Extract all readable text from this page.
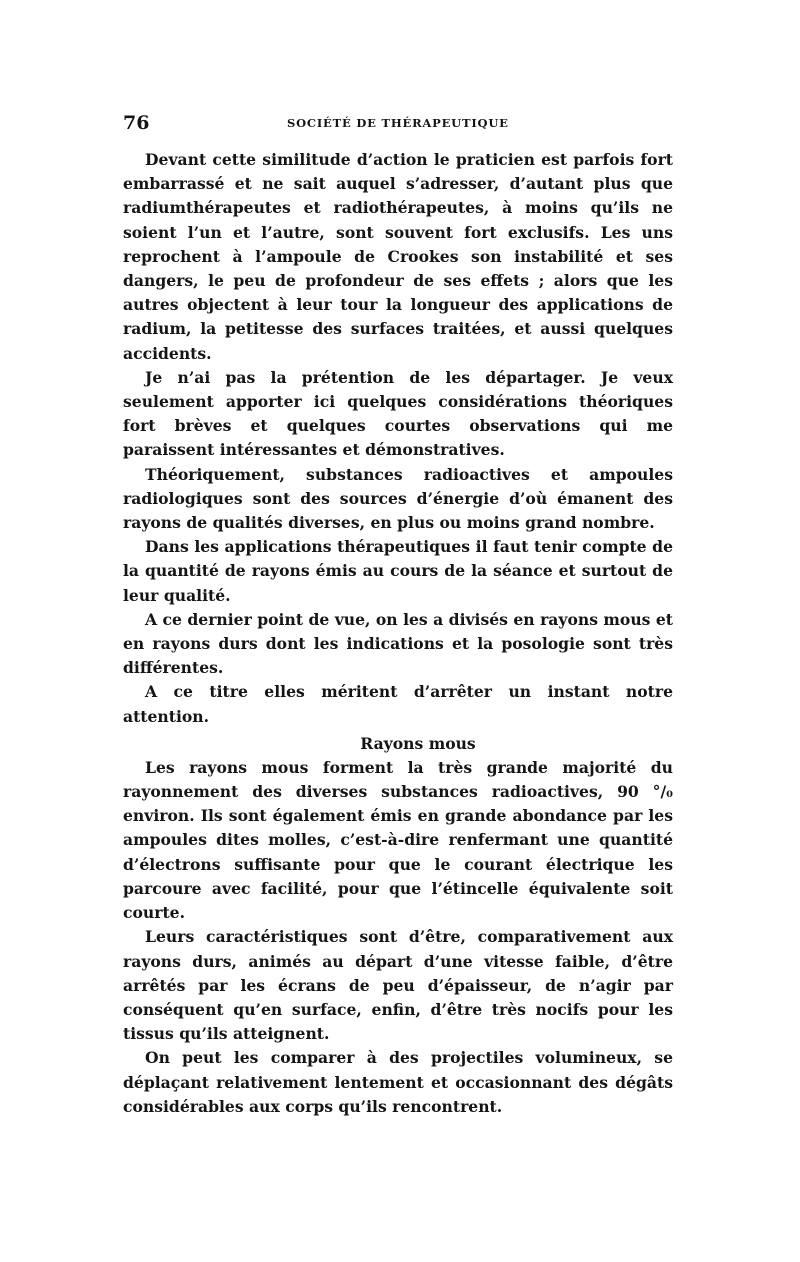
76	SOCIÉTÉ DE THÉRAPEUTIQUE

Devant cette similitude d’action le praticien est parfois fort embarrassé et ne sait auquel s’adresser, d’autant plus que radiumthérapeutes et radiothérapeutes, à moins qu’ils ne soient l’un et l’autre, sont souvent fort exclusifs. Les uns reprochent à l’ampoule de Crookes son instabilité et ses dangers, le peu de profondeur de ses effets ; alors que les autres objectent à leur tour la longueur des applications de radium, la petitesse des surfaces traitées, et aussi quelques accidents.

Je n’ai pas la prétention de les départager. Je veux seulement apporter ici quelques considérations théoriques fort brèves et quelques courtes observations qui me paraissent intéressantes et démonstratives.

Théoriquement, substances radioactives et ampoules radiologiques sont des sources d’énergie d’où émanent des rayons de qualités diverses, en plus ou moins grand nombre.

Dans les applications thérapeutiques il faut tenir compte de la quantité de rayons émis au cours de la séance et surtout de leur qualité.

A ce dernier point de vue, on les a divisés en rayons mous et en rayons durs dont les indications et la posologie sont très différentes.

A ce titre elles méritent d’arrêter un instant notre attention.

Rayons mous

Les rayons mous forment la très grande majorité du rayonnement des diverses substances radioactives, 90 °/₀ environ. Ils sont également émis en grande abondance par les ampoules dites molles, c’est-à-dire renfermant une quantité d’électrons suffisante pour que le courant électrique les parcoure avec facilité, pour que l’étincelle équivalente soit courte.

Leurs caractéristiques sont d’être, comparativement aux rayons durs, animés au départ d’une vitesse faible, d’être arrêtés par les écrans de peu d’épaisseur, de n’agir par conséquent qu’en surface, enfin, d’être très nocifs pour les tissus qu’ils atteignent.

On peut les comparer à des projectiles volumineux, se déplaçant relativement lentement et occasionnant des dégâts considérables aux corps qu’ils rencontrent.
